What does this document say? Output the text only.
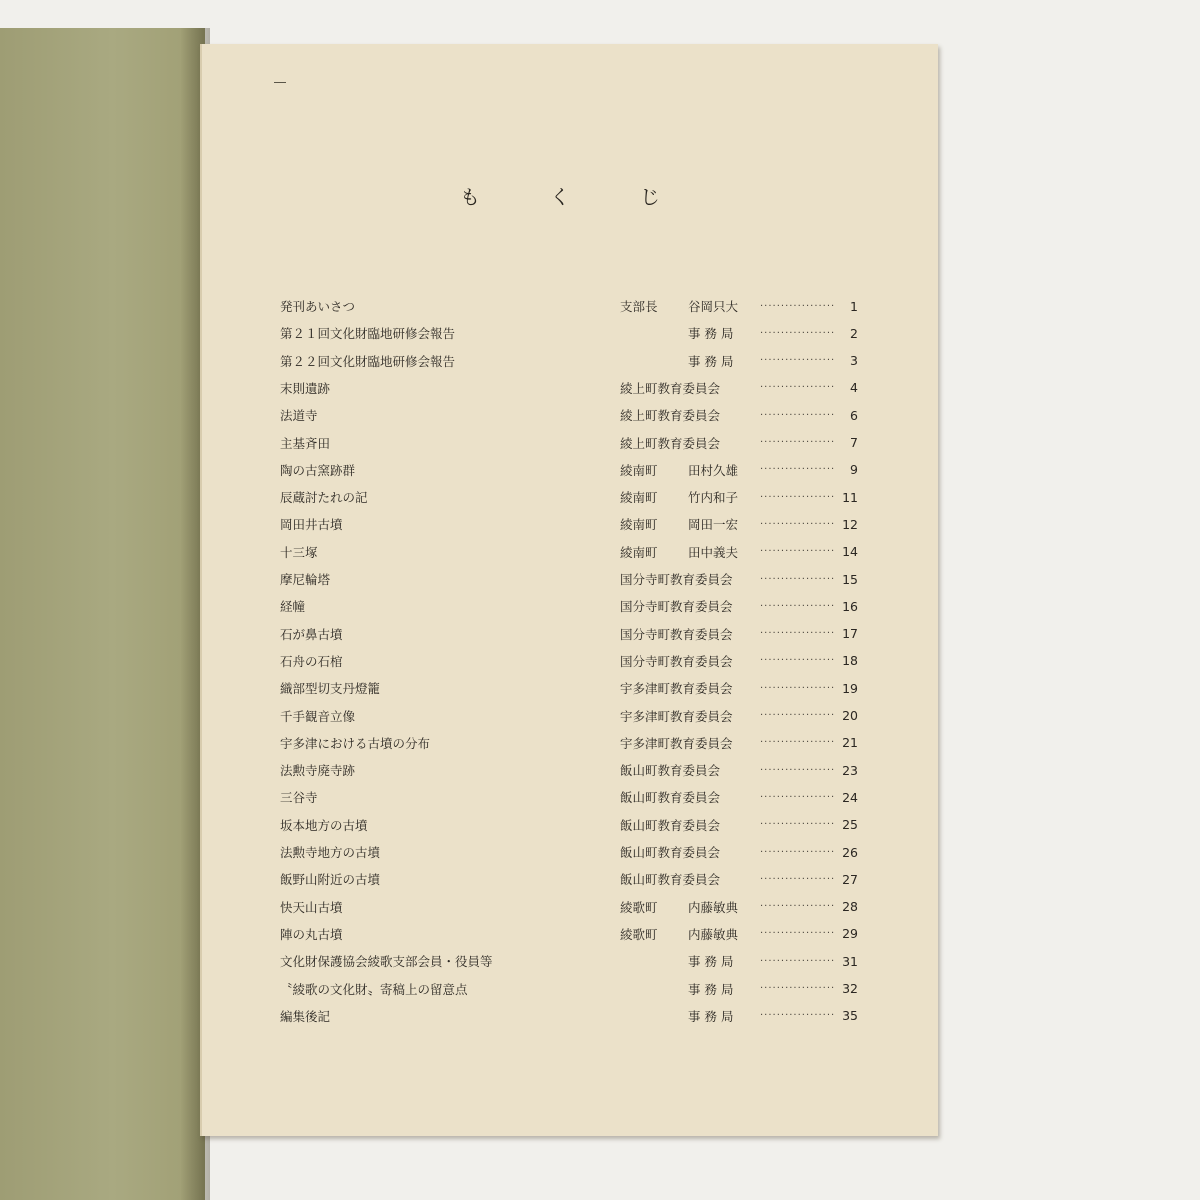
も	く	じ
発刊あいさつ	支部長	谷岡只大 ·····	1
第２１回文化財臨地研修会報告	事 務 局 ·····	2
第２２回文化財臨地研修会報告	事 務 局 ·····	3
末則遺跡	綾上町教育委員会 ·····	4
法道寺	綾上町教育委員会 ·····	6
主基斉田	綾上町教育委員会 ·····	7
陶の古窯跡群	綾南町	田村久雄 ·····	9
辰蔵討たれの記	綾南町	竹内和子 ·····	11
岡田井古墳	綾南町	岡田一宏 ·····	12
十三塚	綾南町	田中義夫 ·····	14
摩尼輪塔	国分寺町教育委員会 ·····	15
経幢	国分寺町教育委員会 ·····	16
石が鼻古墳	国分寺町教育委員会 ·····	17
石舟の石棺	国分寺町教育委員会 ·····	18
織部型切支丹燈籠	宇多津町教育委員会 ·····	19
千手観音立像	宇多津町教育委員会 ·····	20
宇多津における古墳の分布	宇多津町教育委員会 ·····	21
法勲寺廃寺跡	飯山町教育委員会 ·····	23
三谷寺	飯山町教育委員会 ·····	24
坂本地方の古墳	飯山町教育委員会 ·····	25
法勲寺地方の古墳	飯山町教育委員会 ·····	26
飯野山附近の古墳	飯山町教育委員会 ·····	27
快天山古墳	綾歌町	内藤敏典 ·····	28
陣の丸古墳	綾歌町	内藤敏典 ·····	29
文化財保護協会綾歌支部会員・役員等	事 務 局 ·····	31
〝綾歌の文化財〟寄稿上の留意点	事 務 局 ·····	32
編集後記	事 務 局 ·····	35
